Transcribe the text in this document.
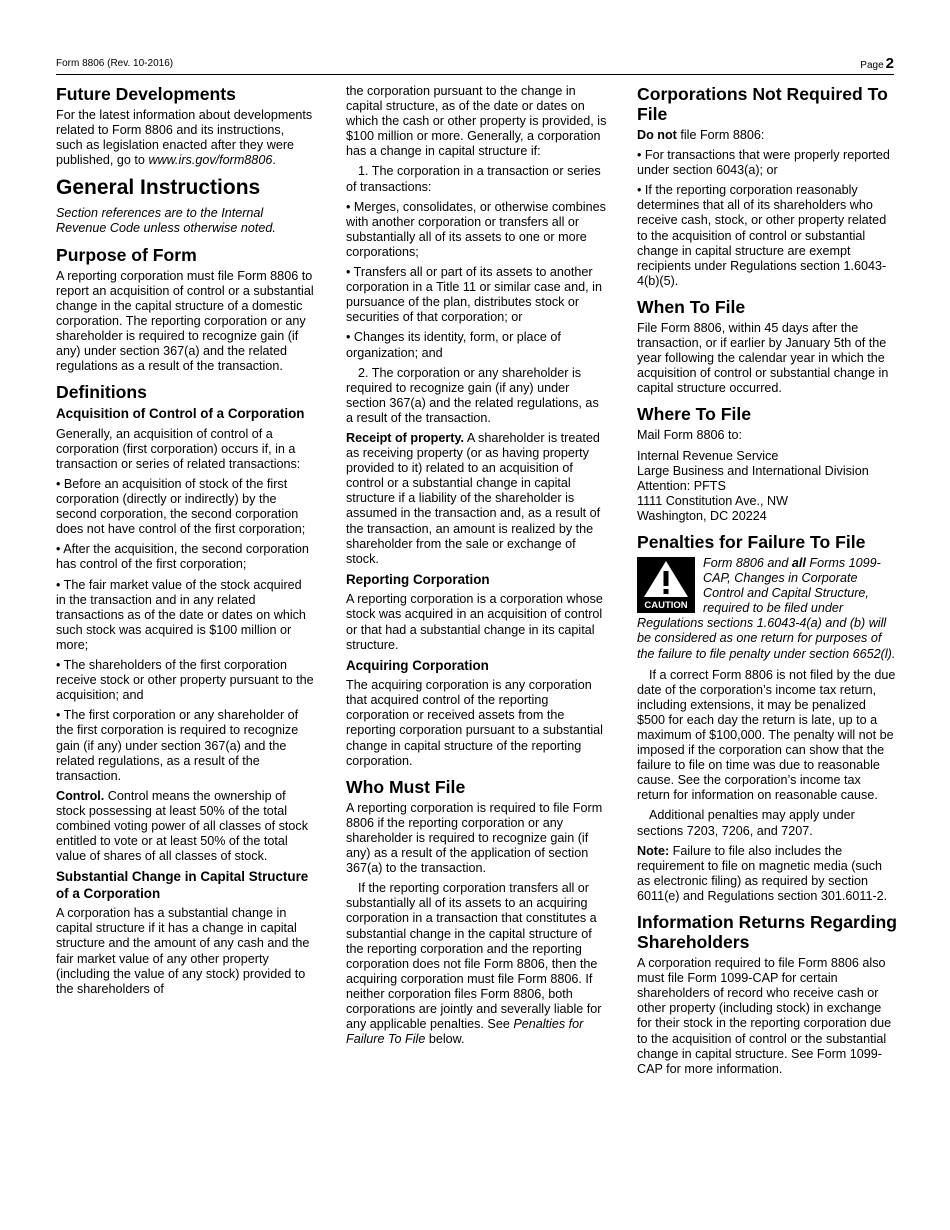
Form 8806 (Rev. 10-2016)	Page 2
Future Developments

For the latest information about developments related to Form 8806 and its instructions, such as legislation enacted after they were published, go to www.irs.gov/form8806.

General Instructions

Section references are to the Internal Revenue Code unless otherwise noted.

Purpose of Form

A reporting corporation must file Form 8806 to report an acquisition of control or a substantial change in the capital structure of a domestic corporation. The reporting corporation or any shareholder is required to recognize gain (if any) under section 367(a) and the related regulations as a result of the transaction.

Definitions
Acquisition of Control of a Corporation

Generally, an acquisition of control of a corporation (first corporation) occurs if, in a transaction or series of related transactions:

• Before an acquisition of stock of the first corporation (directly or indirectly) by the second corporation, the second corporation does not have control of the first corporation;

• After the acquisition, the second corporation has control of the first corporation;

• The fair market value of the stock acquired in the transaction and in any related transactions as of the date or dates on which such stock was acquired is $100 million or more;

• The shareholders of the first corporation receive stock or other property pursuant to the acquisition; and

• The first corporation or any shareholder of the first corporation is required to recognize gain (if any) under section 367(a) and the related regulations, as a result of the transaction.

Control. Control means the ownership of stock possessing at least 50% of the total combined voting power of all classes of stock entitled to vote or at least 50% of the total value of shares of all classes of stock.

Substantial Change in Capital Structure of a Corporation

A corporation has a substantial change in capital structure if it has a change in capital structure and the amount of any cash and the fair market value of any other property (including the value of any stock) provided to the shareholders of

the corporation pursuant to the change in capital structure, as of the date or dates on which the cash or other property is provided, is $100 million or more. Generally, a corporation has a change in capital structure if:

1. The corporation in a transaction or series of transactions:

• Merges, consolidates, or otherwise combines with another corporation or transfers all or substantially all of its assets to one or more corporations;

• Transfers all or part of its assets to another corporation in a Title 11 or similar case and, in pursuance of the plan, distributes stock or securities of that corporation; or

• Changes its identity, form, or place of organization; and

2. The corporation or any shareholder is required to recognize gain (if any) under section 367(a) and the related regulations, as a result of the transaction.

Receipt of property. A shareholder is treated as receiving property (or as having property provided to it) related to an acquisition of control or a substantial change in capital structure if a liability of the shareholder is assumed in the transaction and, as a result of the transaction, an amount is realized by the shareholder from the sale or exchange of stock.

Reporting Corporation

A reporting corporation is a corporation whose stock was acquired in an acquisition of control or that had a substantial change in its capital structure.

Acquiring Corporation

The acquiring corporation is any corporation that acquired control of the reporting corporation or received assets from the reporting corporation pursuant to a substantial change in capital structure of the reporting corporation.

Who Must File

A reporting corporation is required to file Form 8806 if the reporting corporation or any shareholder is required to recognize gain (if any) as a result of the application of section 367(a) to the transaction.

If the reporting corporation transfers all or substantially all of its assets to an acquiring corporation in a transaction that constitutes a substantial change in the capital structure of the reporting corporation and the reporting corporation does not file Form 8806, then the acquiring corporation must file Form 8806. If neither corporation files Form 8806, both corporations are jointly and severally liable for any applicable penalties. See Penalties for Failure To File below.

Corporations Not Required To File

Do not file Form 8806:

• For transactions that were properly reported under section 6043(a); or

• If the reporting corporation reasonably determines that all of its shareholders who receive cash, stock, or other property related to the acquisition of control or substantial change in capital structure are exempt recipients under Regulations section 1.6043-4(b)(5).

When To File

File Form 8806, within 45 days after the transaction, or if earlier by January 5th of the year following the calendar year in which the acquisition of control or substantial change in capital structure occurred.

Where To File

Mail Form 8806 to:

Internal Revenue Service
Large Business and International Division
Attention: PFTS
1111 Constitution Ave., NW
Washington, DC 20224

Penalties for Failure To File
CAUTION

Form 8806 and all Forms 1099-CAP, Changes in Corporate Control and Capital Structure, required to be filed under Regulations sections 1.6043-4(a) and (b) will be considered as one return for purposes of the failure to file penalty under section 6652(l).

If a correct Form 8806 is not filed by the due date of the corporation’s income tax return, including extensions, it may be penalized $500 for each day the return is late, up to a maximum of $100,000. The penalty will not be imposed if the corporation can show that the failure to file on time was due to reasonable cause. See the corporation’s income tax return for information on reasonable cause.

Additional penalties may apply under sections 7203, 7206, and 7207.

Note: Failure to file also includes the requirement to file on magnetic media (such as electronic filing) as required by section 6011(e) and Regulations section 301.6011-2.

Information Returns Regarding Shareholders

A corporation required to file Form 8806 also must file Form 1099-CAP for certain shareholders of record who receive cash or other property (including stock) in exchange for their stock in the reporting corporation due to the acquisition of control or the substantial change in capital structure. See Form 1099-CAP for more information.
